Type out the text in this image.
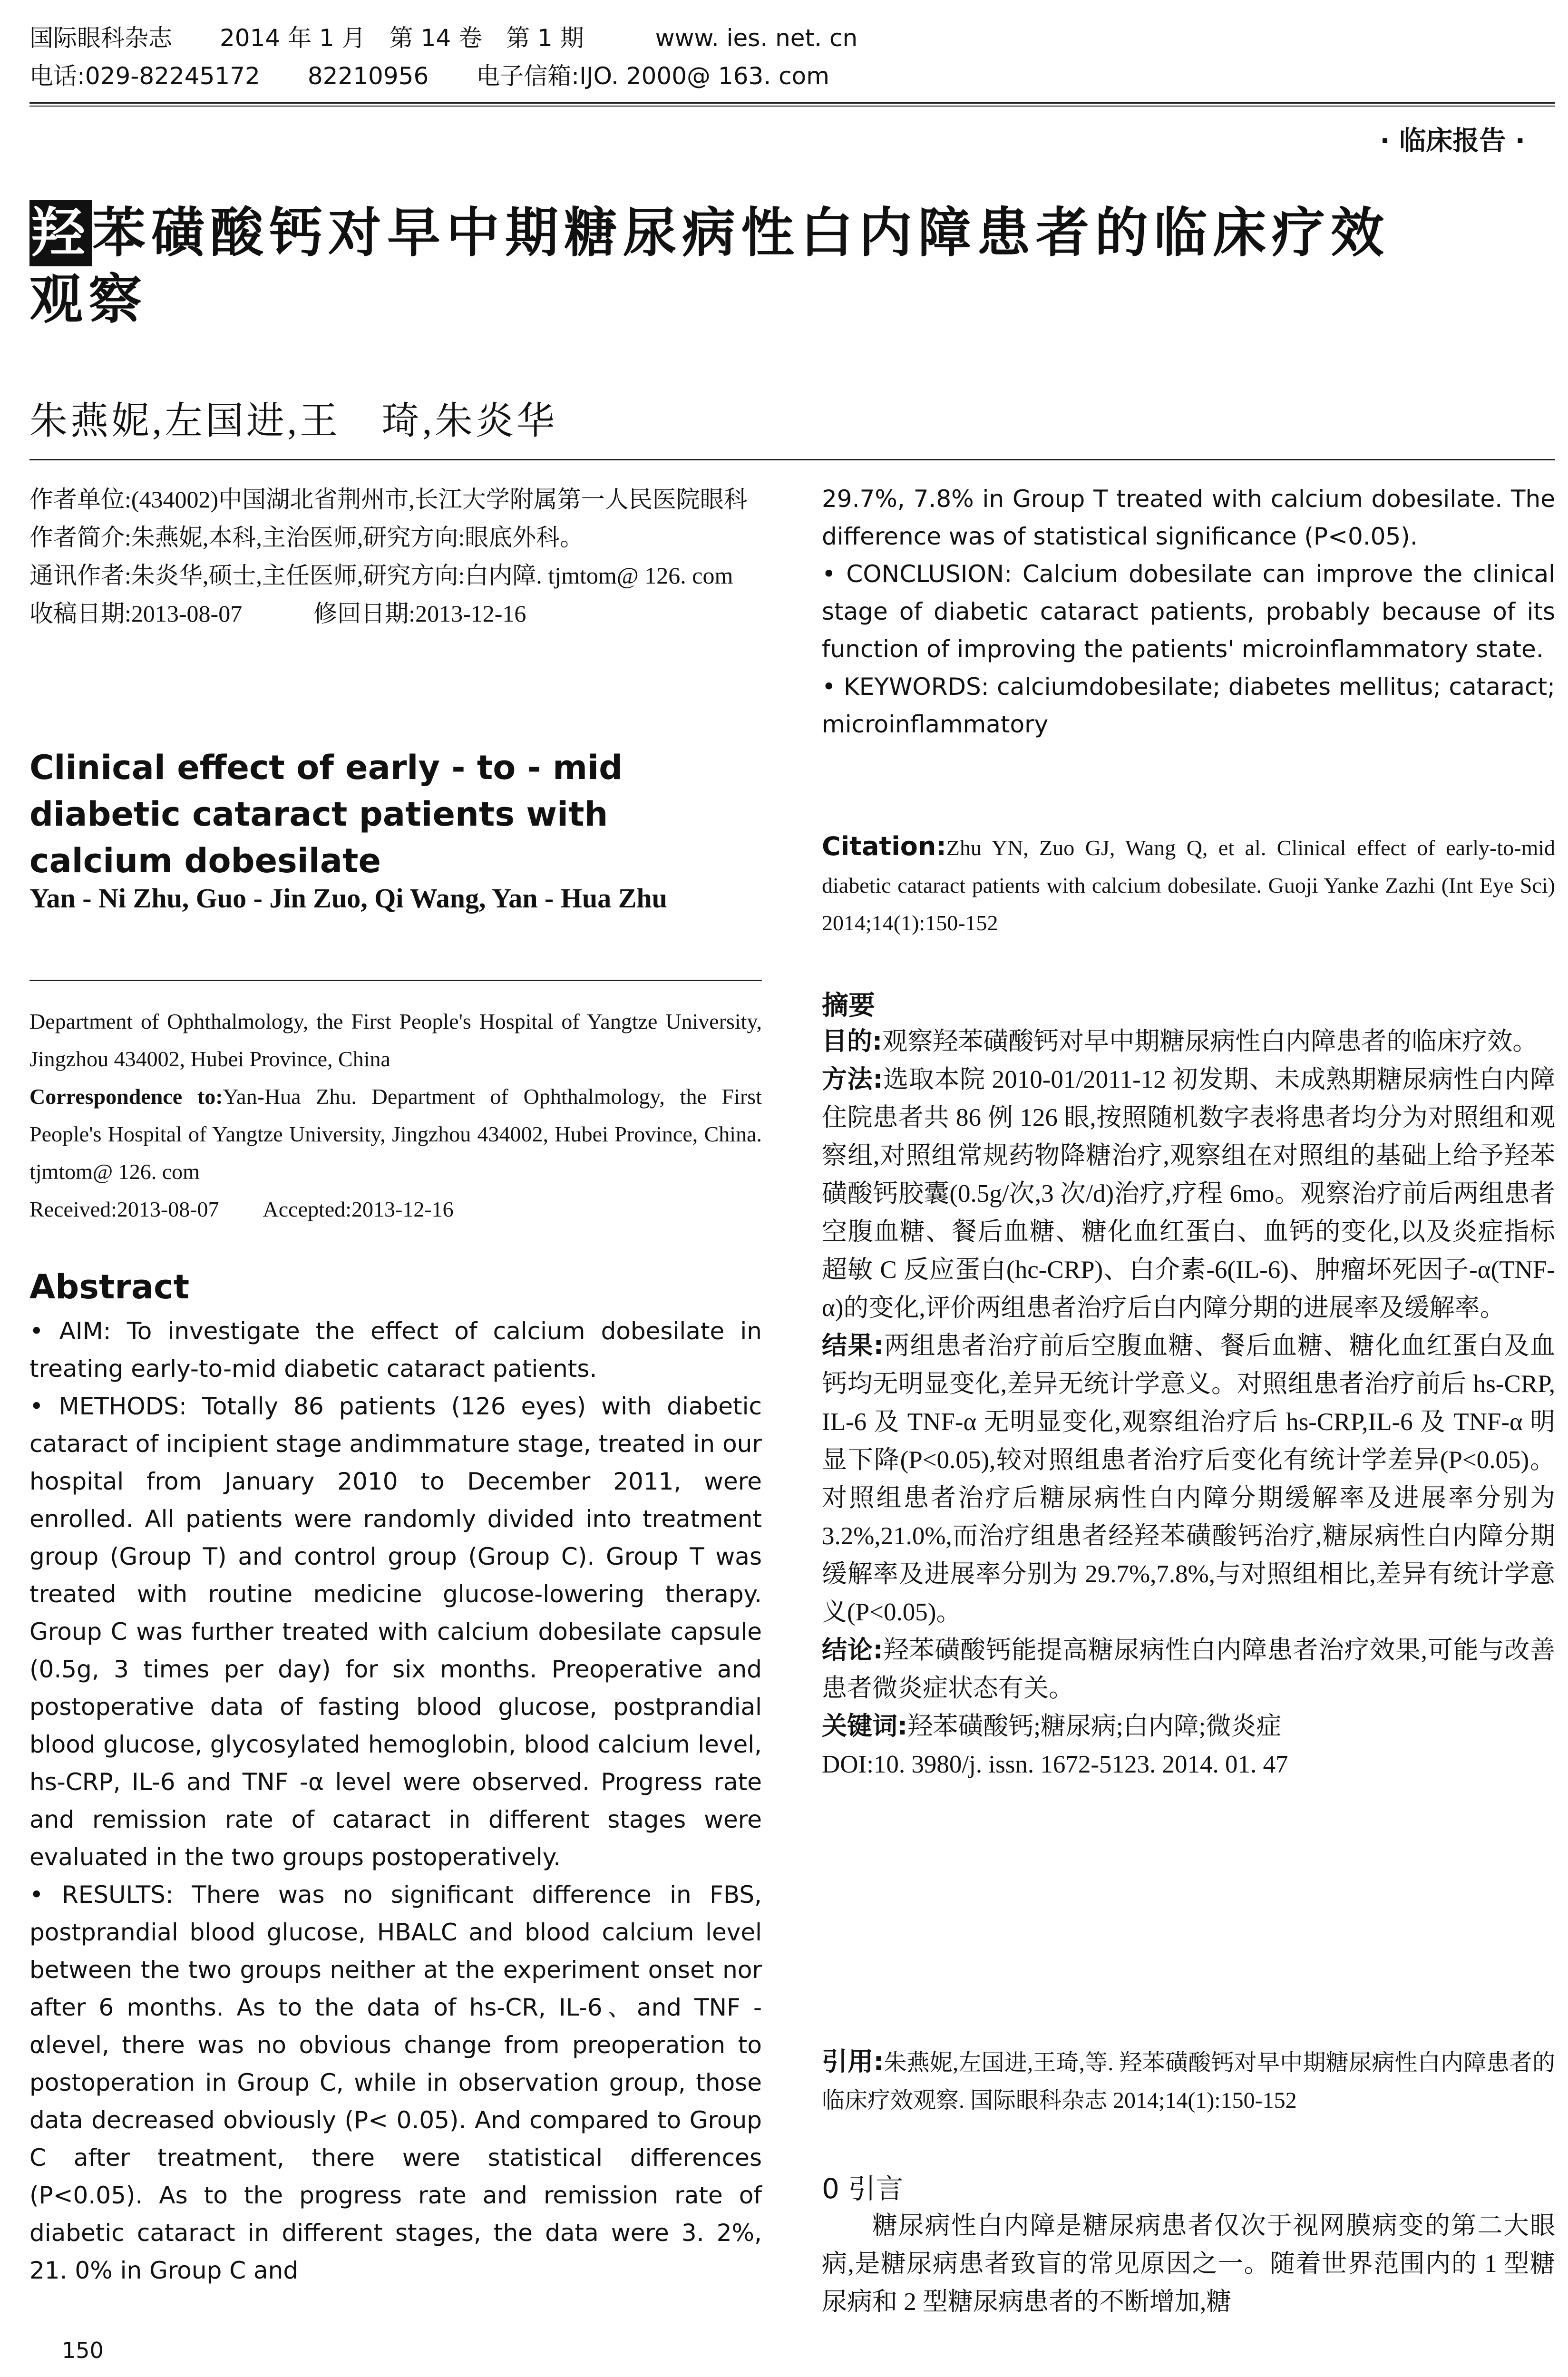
国际眼科杂志　　2014 年 1 月　第 14 卷　第 1 期　　　www. ies. net. cn
电话:029-82245172　　82210956　　电子信箱:IJO. 2000@ 163. com
· 临床报告 ·
羟苯磺酸钙对早中期糖尿病性白内障患者的临床疗效
观察
朱燕妮,左国进,王　琦,朱炎华

作者单位:(434002)中国湖北省荆州市,长江大学附属第一人民医院眼科

作者简介:朱燕妮,本科,主治医师,研究方向:眼底外科。

通讯作者:朱炎华,硕士,主任医师,研究方向:白内障. tjmtom@ 126. com

收稿日期:2013-08-07　　　修回日期:2013-12-16

Clinical effect of early - to - mid diabetic cataract patients with calcium dobesilate
Yan - Ni Zhu, Guo - Jin Zuo, Qi Wang, Yan - Hua Zhu

Department of Ophthalmology, the First People's Hospital of Yangtze University, Jingzhou 434002, Hubei Province, China

Correspondence to:Yan-Hua Zhu. Department of Ophthalmology, the First People's Hospital of Yangtze University, Jingzhou 434002, Hubei Province, China. tjmtom@ 126. com

Received:2013-08-07　　Accepted:2013-12-16

Abstract

• AIM: To investigate the effect of calcium dobesilate in treating early-to-mid diabetic cataract patients.

• METHODS: Totally 86 patients (126 eyes) with diabetic cataract of incipient stage andimmature stage, treated in our hospital from January 2010 to December 2011, were enrolled. All patients were randomly divided into treatment group (Group T) and control group (Group C). Group T was treated with routine medicine glucose-lowering therapy. Group C was further treated with calcium dobesilate capsule (0.5g, 3 times per day) for six months. Preoperative and postoperative data of fasting blood glucose, postprandial blood glucose, glycosylated hemoglobin, blood calcium level, hs-CRP, IL-6 and TNF -α level were observed. Progress rate and remission rate of cataract in different stages were evaluated in the two groups postoperatively.

• RESULTS: There was no significant difference in FBS, postprandial blood glucose, HBALC and blood calcium level between the two groups neither at the experiment onset nor after 6 months. As to the data of hs-CR, IL-6、and TNF - αlevel, there was no obvious change from preoperation to postoperation in Group C, while in observation group, those data decreased obviously (P< 0.05). And compared to Group C after treatment, there were statistical differences (P<0.05). As to the progress rate and remission rate of diabetic cataract in different stages, the data were 3. 2%, 21. 0% in Group C and

150

29.7%, 7.8% in Group T treated with calcium dobesilate. The difference was of statistical significance (P<0.05).

• CONCLUSION: Calcium dobesilate can improve the clinical stage of diabetic cataract patients, probably because of its function of improving the patients' microinflammatory state.

• KEYWORDS: calciumdobesilate; diabetes mellitus; cataract; microinflammatory

Citation:Zhu YN, Zuo GJ, Wang Q, et al. Clinical effect of early-to-mid diabetic cataract patients with calcium dobesilate. Guoji Yanke Zazhi (Int Eye Sci) 2014;14(1):150-152
摘要

目的:观察羟苯磺酸钙对早中期糖尿病性白内障患者的临床疗效。

方法:选取本院 2010-01/2011-12 初发期、未成熟期糖尿病性白内障住院患者共 86 例 126 眼,按照随机数字表将患者均分为对照组和观察组,对照组常规药物降糖治疗,观察组在对照组的基础上给予羟苯磺酸钙胶囊(0.5g/次,3 次/d)治疗,疗程 6mo。观察治疗前后两组患者空腹血糖、餐后血糖、糖化血红蛋白、血钙的变化,以及炎症指标超敏 C 反应蛋白(hc-CRP)、白介素-6(IL-6)、肿瘤坏死因子-α(TNF-α)的变化,评价两组患者治疗后白内障分期的进展率及缓解率。

结果:两组患者治疗前后空腹血糖、餐后血糖、糖化血红蛋白及血钙均无明显变化,差异无统计学意义。对照组患者治疗前后 hs-CRP, IL-6 及 TNF-α 无明显变化,观察组治疗后 hs-CRP,IL-6 及 TNF-α 明显下降(P<0.05),较对照组患者治疗后变化有统计学差异(P<0.05)。对照组患者治疗后糖尿病性白内障分期缓解率及进展率分别为 3.2%,21.0%,而治疗组患者经羟苯磺酸钙治疗,糖尿病性白内障分期缓解率及进展率分别为 29.7%,7.8%,与对照组相比,差异有统计学意义(P<0.05)。

结论:羟苯磺酸钙能提高糖尿病性白内障患者治疗效果,可能与改善患者微炎症状态有关。

关键词:羟苯磺酸钙;糖尿病;白内障;微炎症

DOI:10. 3980/j. issn. 1672-5123. 2014. 01. 47

引用:朱燕妮,左国进,王琦,等. 羟苯磺酸钙对早中期糖尿病性白内障患者的临床疗效观察. 国际眼科杂志 2014;14(1):150-152
0 引言
糖尿病性白内障是糖尿病患者仅次于视网膜病变的第二大眼病,是糖尿病患者致盲的常见原因之一。随着世界范围内的 1 型糖尿病和 2 型糖尿病患者的不断增加,糖
